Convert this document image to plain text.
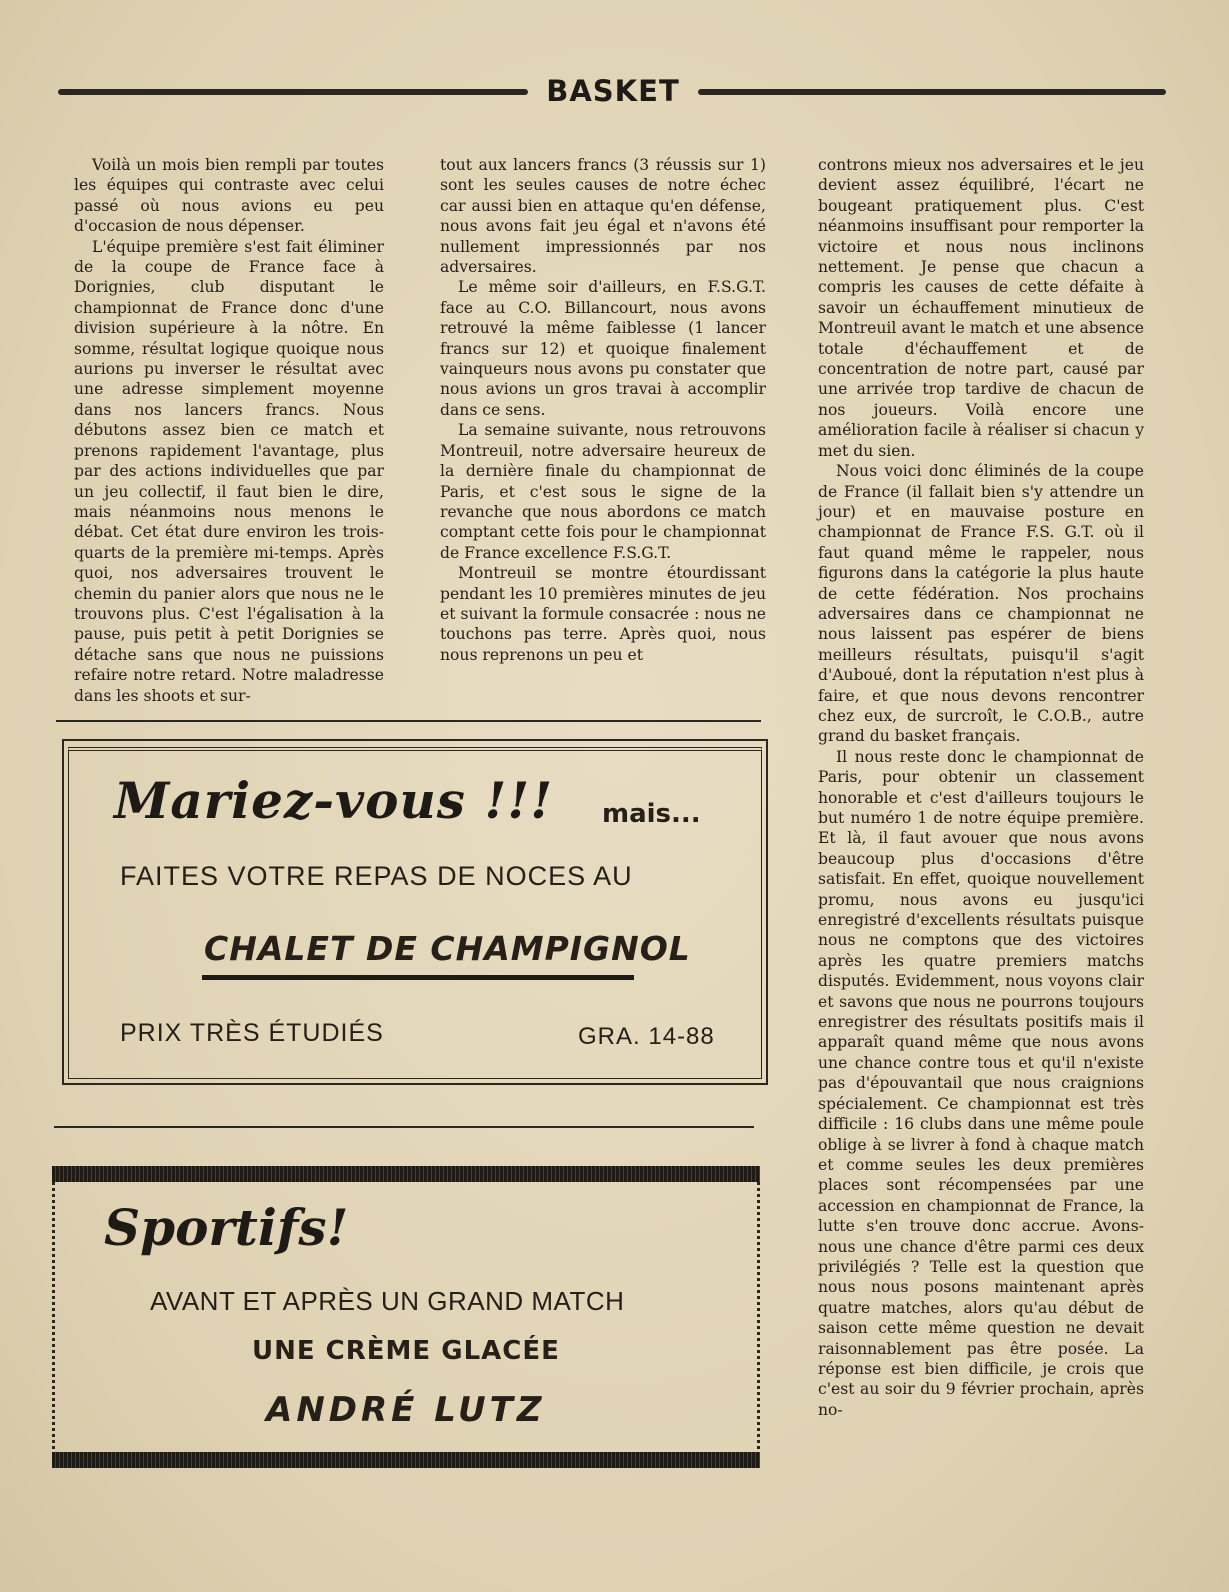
BASKET

Voilà un mois bien rempli par toutes les équipes qui contraste avec celui passé où nous avions eu peu d'occasion de nous dépenser.

L'équipe première s'est fait éliminer de la coupe de France face à Dorignies, club disputant le championnat de France donc d'une division supérieure à la nôtre. En somme, résultat logique quoique nous aurions pu inverser le résultat avec une adresse simplement moyenne dans nos lancers francs. Nous débutons assez bien ce match et prenons rapidement l'avantage, plus par des actions individuelles que par un jeu collectif, il faut bien le dire, mais néanmoins nous menons le débat. Cet état dure environ les trois-quarts de la première mi-temps. Après quoi, nos adversaires trouvent le chemin du panier alors que nous ne le trouvons plus. C'est l'égalisation à la pause, puis petit à petit Dorignies se détache sans que nous ne puissions refaire notre retard. Notre maladresse dans les shoots et sur-

tout aux lancers francs (3 réussis sur 1) sont les seules causes de notre échec car aussi bien en attaque qu'en défense, nous avons fait jeu égal et n'avons été nullement impressionnés par nos adversaires.

Le même soir d'ailleurs, en F.S.G.T. face au C.O. Billancourt, nous avons retrouvé la même faiblesse (1 lancer francs sur 12) et quoique finalement vainqueurs nous avons pu constater que nous avions un gros travai à accomplir dans ce sens.

La semaine suivante, nous retrouvons Montreuil, notre adversaire heureux de la dernière finale du championnat de Paris, et c'est sous le signe de la revanche que nous abordons ce match comptant cette fois pour le championnat de France excellence F.S.G.T.

Montreuil se montre étourdissant pendant les 10 premières minutes de jeu et suivant la formule consacrée : nous ne touchons pas terre. Après quoi, nous nous reprenons un peu et

controns mieux nos adversaires et le jeu devient assez équilibré, l'écart ne bougeant pratiquement plus. C'est néanmoins insuffisant pour remporter la victoire et nous nous inclinons nettement. Je pense que chacun a compris les causes de cette défaite à savoir un échauffement minutieux de Montreuil avant le match et une absence totale d'échauffement et de concentration de notre part, causé par une arrivée trop tardive de chacun de nos joueurs. Voilà encore une amélioration facile à réaliser si chacun y met du sien.

Nous voici donc éliminés de la coupe de France (il fallait bien s'y attendre un jour) et en mauvaise posture en championnat de France F.S. G.T. où il faut quand même le rappeler, nous figurons dans la catégorie la plus haute de cette fédération. Nos prochains adversaires dans ce championnat ne nous laissent pas espérer de biens meilleurs résultats, puisqu'il s'agit d'Auboué, dont la réputation n'est plus à faire, et que nous devons rencontrer chez eux, de surcroît, le C.O.B., autre grand du basket français.

Il nous reste donc le championnat de Paris, pour obtenir un classement honorable et c'est d'ailleurs toujours le but numéro 1 de notre équipe première. Et là, il faut avouer que nous avons beaucoup plus d'occasions d'être satisfait. En effet, quoique nouvellement promu, nous avons eu jusqu'ici enregistré d'excellents résultats puisque nous ne comptons que des victoires après les quatre premiers matchs disputés. Evidemment, nous voyons clair et savons que nous ne pourrons toujours enregistrer des résultats positifs mais il apparaît quand même que nous avons une chance contre tous et qu'il n'existe pas d'épouvantail que nous craignions spécialement. Ce championnat est très difficile : 16 clubs dans une même poule oblige à se livrer à fond à chaque match et comme seules les deux premières places sont récompensées par une accession en championnat de France, la lutte s'en trouve donc accrue. Avons-nous une chance d'être parmi ces deux privilégiés ? Telle est la question que nous nous posons maintenant après quatre matches, alors qu'au début de saison cette même question ne devait raisonnablement pas être posée. La réponse est bien difficile, je crois que c'est au soir du 9 février prochain, après no-

Mariez-vous !!! mais...
FAITES VOTRE REPAS DE NOCES AU
CHALET DE CHAMPIGNOL
PRIX TRÈS ÉTUDIÉS	GRA. 14-88
Sportifs!
AVANT ET APRÈS UN GRAND MATCH
UNE CRÈME GLACÉE
ANDRÉ LUTZ
